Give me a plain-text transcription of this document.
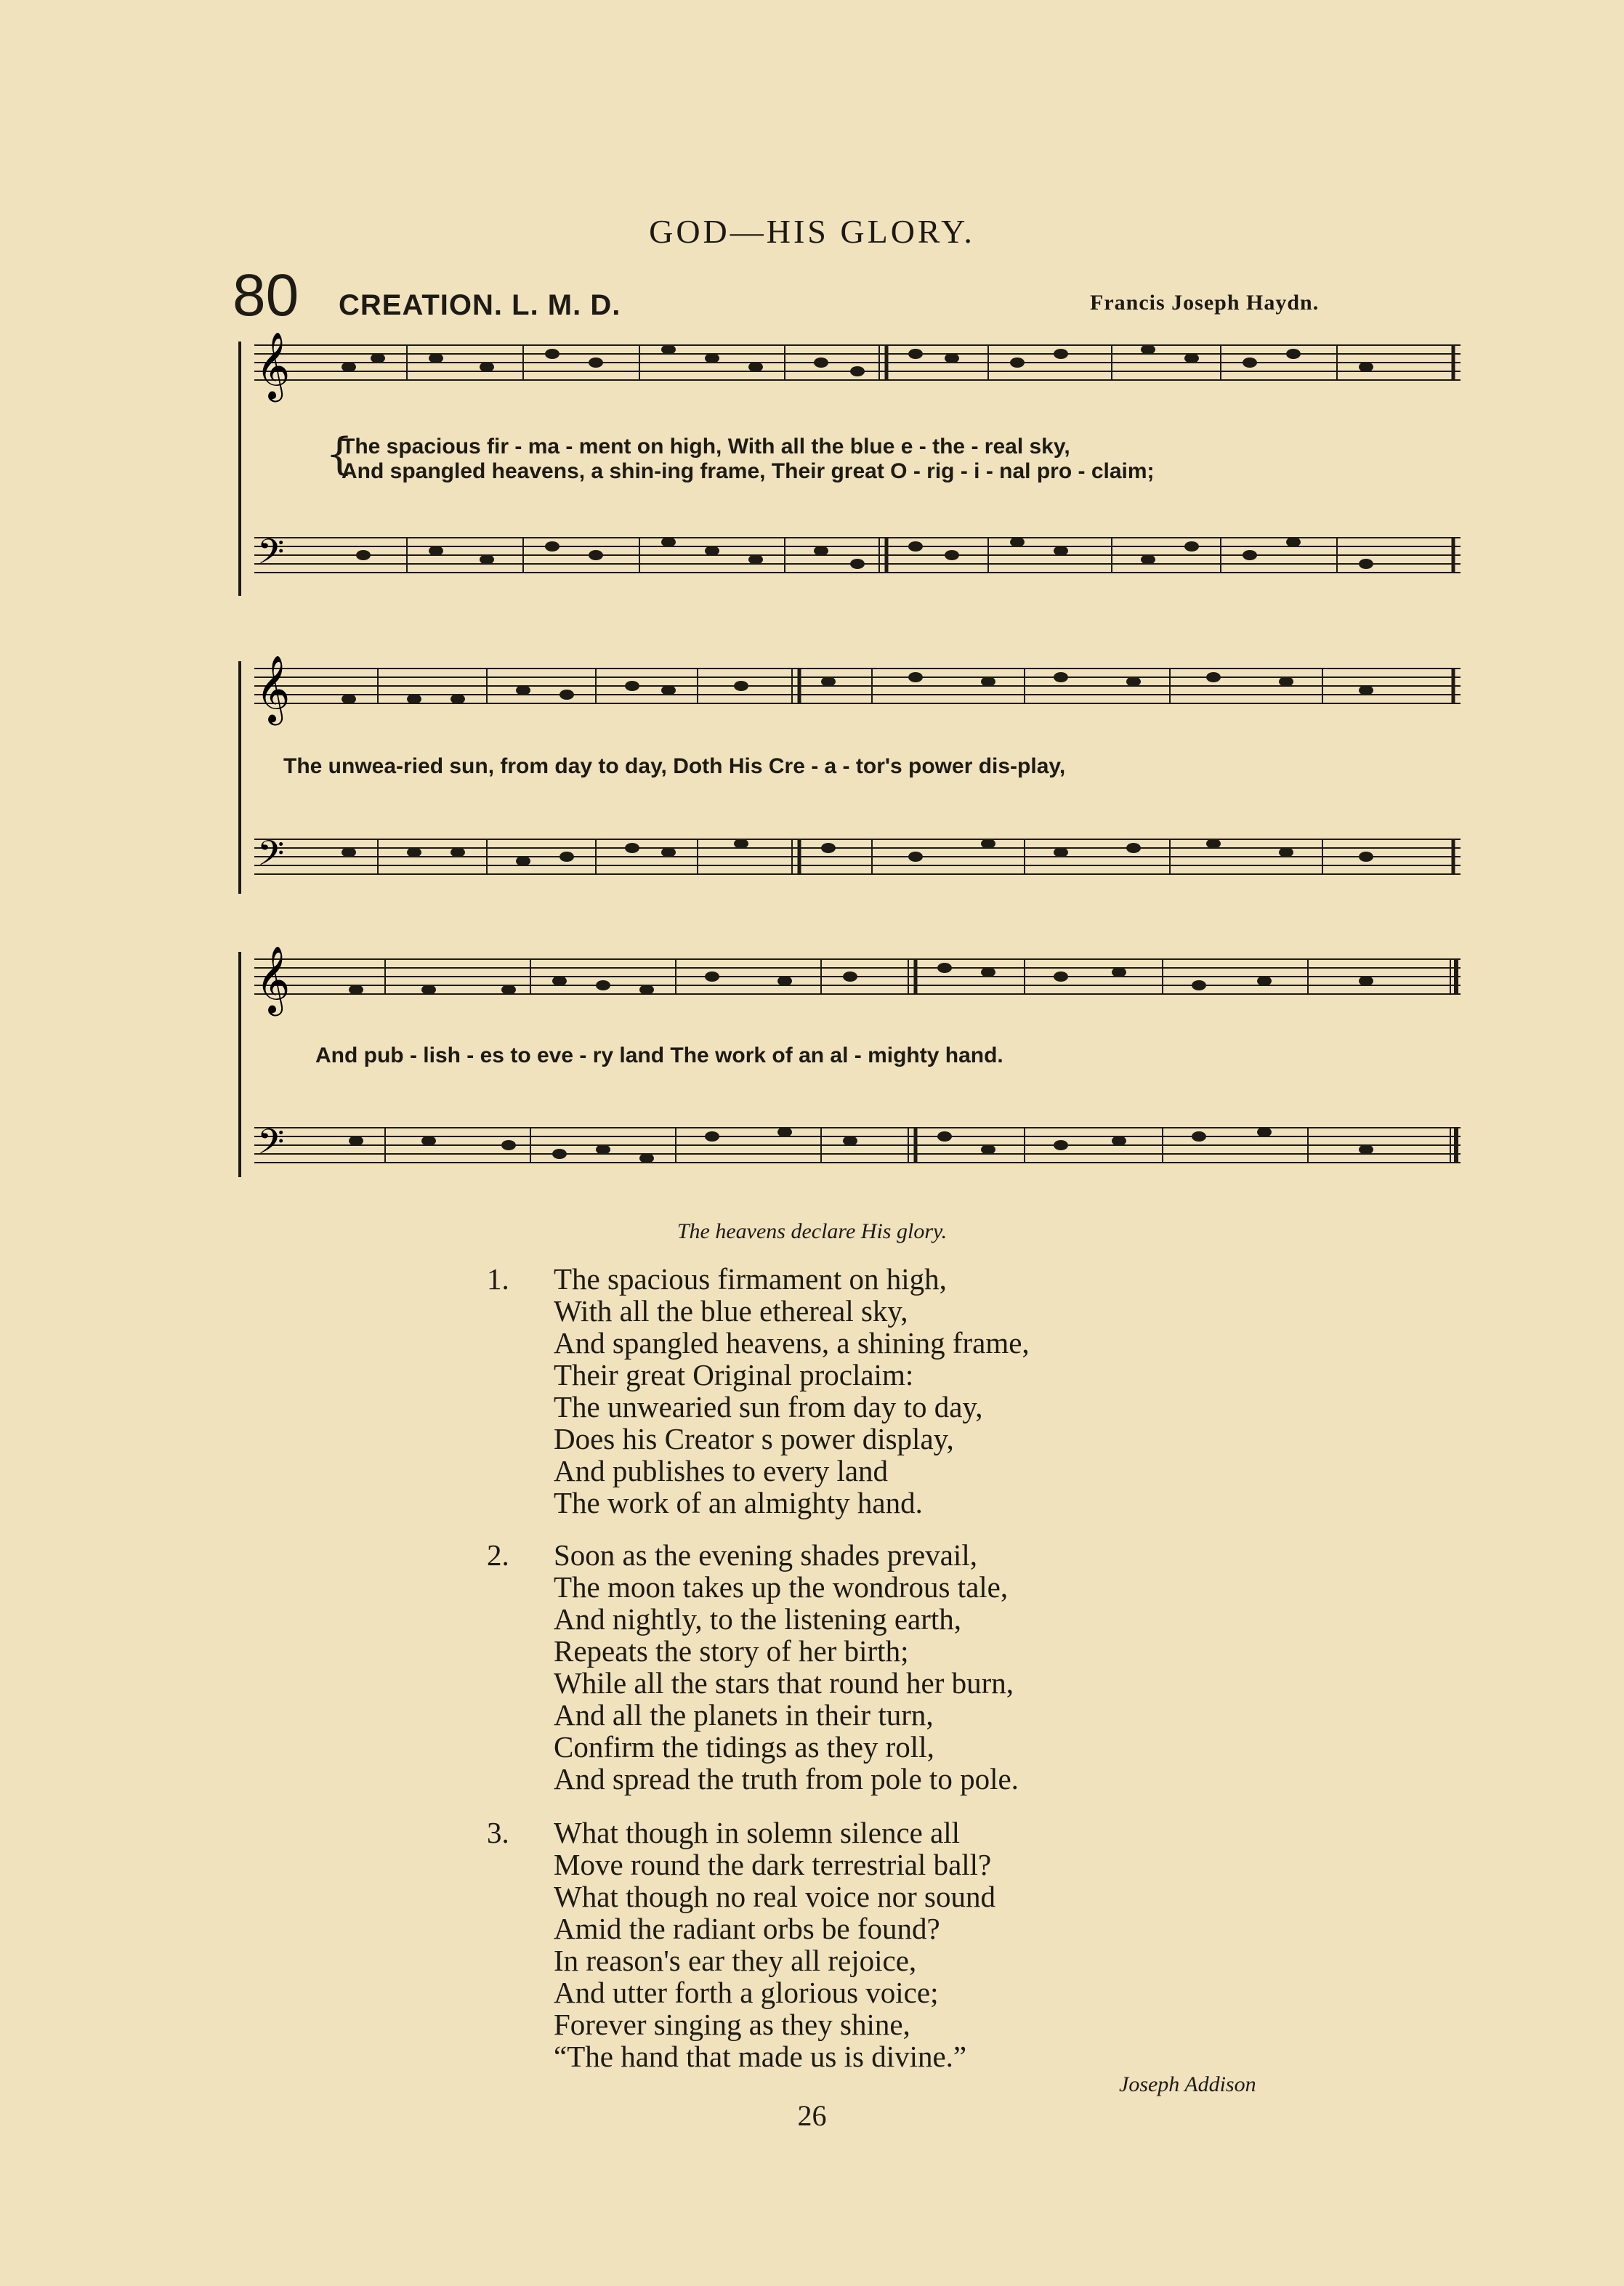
GOD—HIS GLORY.
80 CREATION. L. M. D.	Francis Joseph Haydn.
𝄞
𝄢
{
The spacious fir - ma - ment on high, With all the blue e - the - real sky,
And spangled heavens, a shin-ing frame, Their great O - rig - i - nal pro - claim;
𝄞
𝄢
The unwea-ried sun, from day to day, Doth His Cre - a - tor's power dis-play,
𝄞
𝄢
And pub - lish - es to eve - ry land The work of an al - mighty hand.
The heavens declare His glory.
1.	The spacious firmament on high,
With all the blue ethereal sky,
And spangled heavens, a shining frame,
Their great Original proclaim:
The unwearied sun from day to day,
Does his Creator s power display,
And publishes to every land
The work of an almighty hand.
2.	Soon as the evening shades prevail,
The moon takes up the wondrous tale,
And nightly, to the listening earth,
Repeats the story of her birth;
While all the stars that round her burn,
And all the planets in their turn,
Confirm the tidings as they roll,
And spread the truth from pole to pole.
3.	What though in solemn silence all
Move round the dark terrestrial ball?
What though no real voice nor sound
Amid the radiant orbs be found?
In reason's ear they all rejoice,
And utter forth a glorious voice;
Forever singing as they shine,
“The hand that made us is divine.”
Joseph Addison
26
